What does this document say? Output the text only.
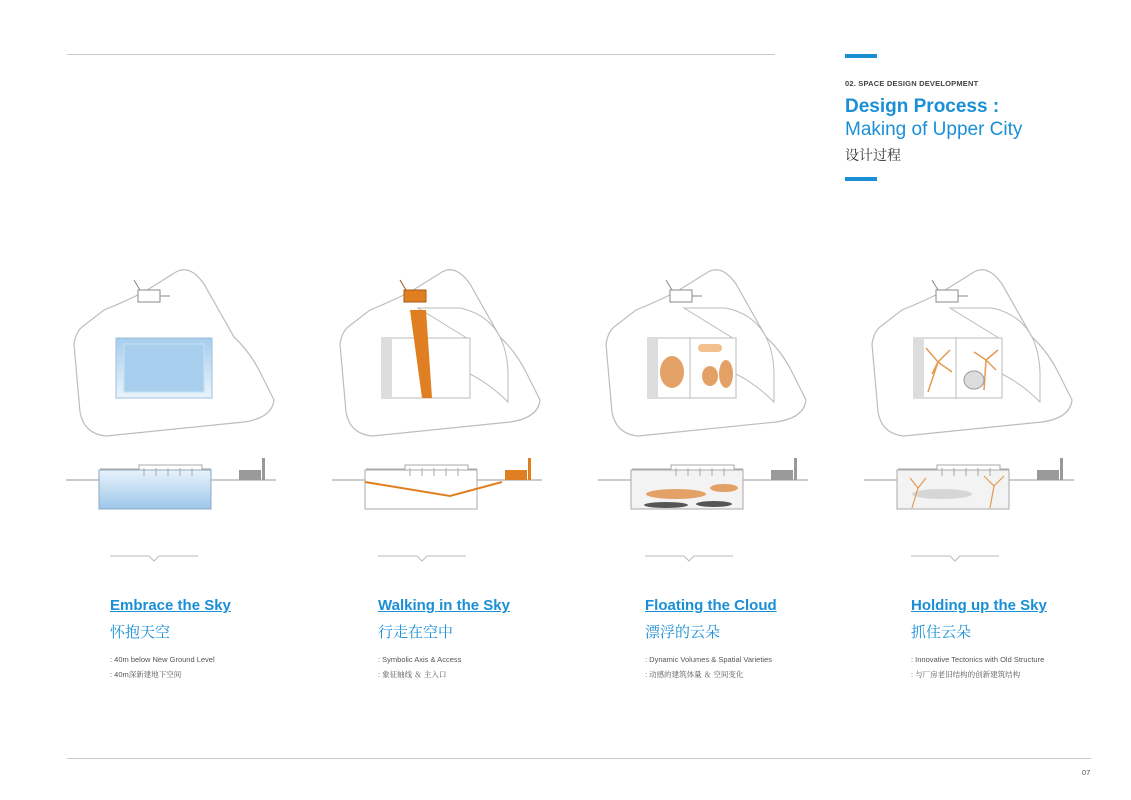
02. SPACE DESIGN DEVELOPMENT
Design Process :
Making of Upper City
设计过程
Embrace the Sky
怀抱天空
: 40m below New Ground Level
: 40m深新建地下空间
Walking in the Sky
行走在空中
: Symbolic Axis & Access
: 象征轴线 ＆ 主入口
Floating the Cloud
漂浮的云朵
: Dynamic Volumes & Spatial Varieties
: 动感的建筑体量 ＆ 空间变化
Holding up the Sky
抓住云朵
: Innovative Tectonics with Old Structure
: 与厂房老旧结构的创新建筑结构
07
